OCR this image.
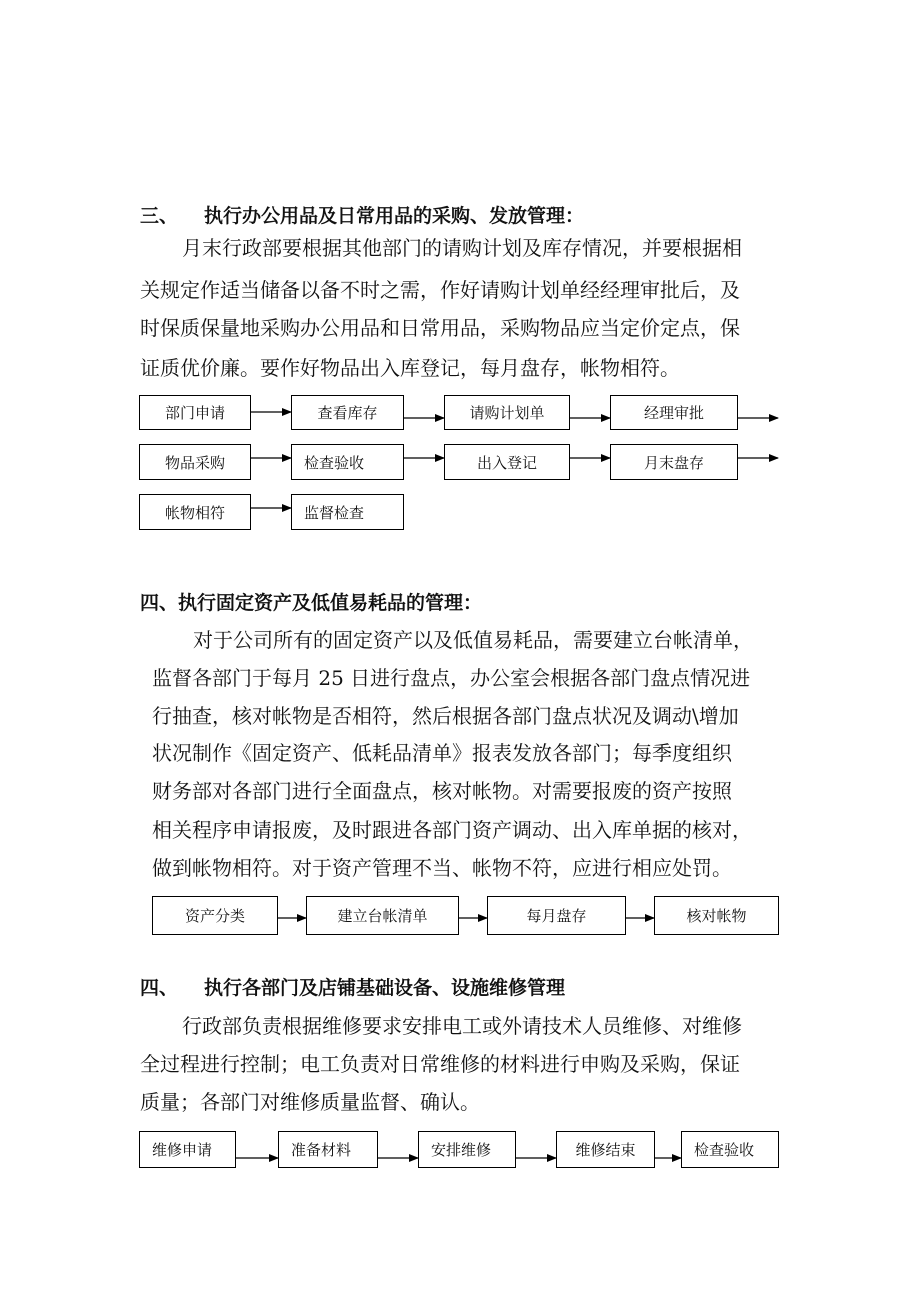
三、 执行办公用品及日常用品的采购、发放管理：
月末行政部要根据其他部门的请购计划及库存情况，并要根据相
关规定作适当储备以备不时之需，作好请购计划单经经理审批后，及
时保质保量地采购办公用品和日常用品，采购物品应当定价定点，保
证质优价廉。要作好物品出入库登记，每月盘存，帐物相符。
四、执行固定资产及低值易耗品的管理：
对于公司所有的固定资产以及低值易耗品，需要建立台帐清单，
监督各部门于每月 25 日进行盘点，办公室会根据各部门盘点情况进
行抽查，核对帐物是否相符，然后根据各部门盘点状况及调动\增加
状况制作《固定资产、低耗品清单》报表发放各部门；每季度组织
财务部对各部门进行全面盘点，核对帐物。对需要报废的资产按照
相关程序申请报废，及时跟进各部门资产调动、出入库单据的核对，
做到帐物相符。对于资产管理不当、帐物不符，应进行相应处罚。
四、 执行各部门及店铺基础设备、设施维修管理
行政部负责根据维修要求安排电工或外请技术人员维修、对维修
全过程进行控制；电工负责对日常维修的材料进行申购及采购，保证
质量；各部门对维修质量监督、确认。
部门申请	查看库存	请购计划单	经理审批
物品采购	检查验收	出入登记	月末盘存
帐物相符	监督检查
资产分类	建立台帐清单	每月盘存	核对帐物
维修申请	准备材料	安排维修	维修结束	检查验收
